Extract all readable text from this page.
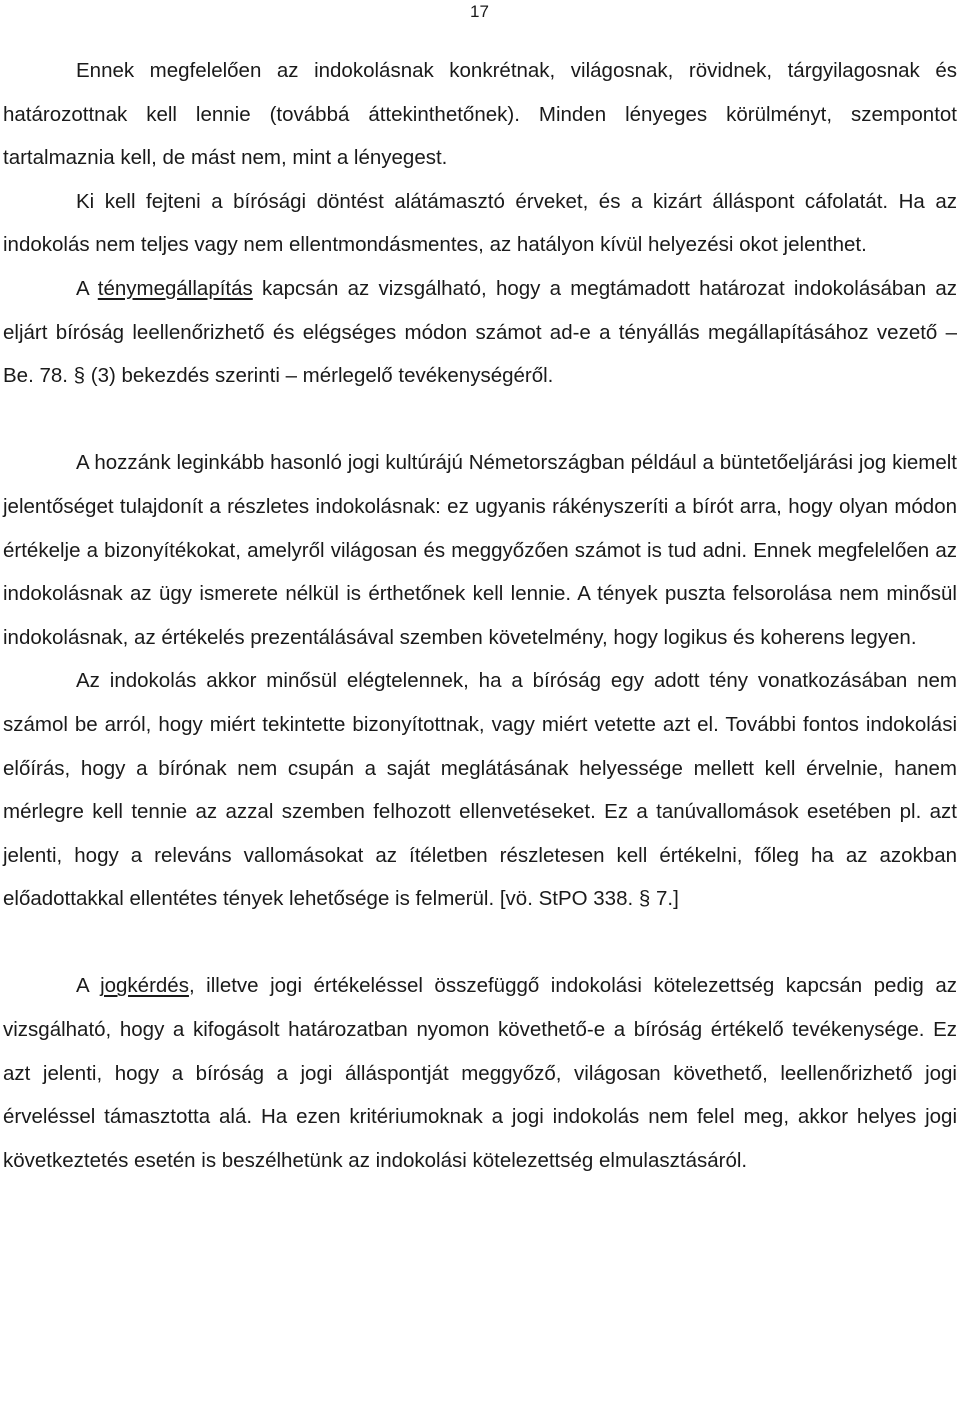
17

Ennek megfelelően az indokolásnak konkrétnak, világosnak, rövidnek, tárgyilagosnak és határozottnak kell lennie (továbbá áttekinthetőnek). Minden lényeges körülményt, szempontot tartalmaznia kell, de mást nem, mint a lényegest.

Ki kell fejteni a bírósági döntést alátámasztó érveket, és a kizárt álláspont cáfolatát. Ha az indokolás nem teljes vagy nem ellentmondásmentes, az hatályon kívül helyezési okot jelenthet.

A ténymegállapítás kapcsán az vizsgálható, hogy a megtámadott határozat indokolásában az eljárt bíróság leellenőrizhető és elégséges módon számot ad-e a tényállás megállapításához vezető – Be. 78. § (3) bekezdés szerinti – mérlegelő tevékenységéről.

A hozzánk leginkább hasonló jogi kultúrájú Németországban például a büntetőeljárási jog kiemelt jelentőséget tulajdonít a részletes indokolásnak: ez ugyanis rákényszeríti a bírót arra, hogy olyan módon értékelje a bizonyítékokat, amelyről világosan és meggyőzően számot is tud adni. Ennek megfelelően az indokolásnak az ügy ismerete nélkül is érthetőnek kell lennie. A tények puszta felsorolása nem minősül indokolásnak, az értékelés prezentálásával szemben követelmény, hogy logikus és koherens legyen.

Az indokolás akkor minősül elégtelennek, ha a bíróság egy adott tény vonatkozásában nem számol be arról, hogy miért tekintette bizonyítottnak, vagy miért vetette azt el. További fontos indokolási előírás, hogy a bírónak nem csupán a saját meglátásának helyessége mellett kell érvelnie, hanem mérlegre kell tennie az azzal szemben felhozott ellenvetéseket. Ez a tanúvallomások esetében pl. azt jelenti, hogy a releváns vallomásokat az ítéletben részletesen kell értékelni, főleg ha az azokban előadottakkal ellentétes tények lehetősége is felmerül. [vö. StPO 338. § 7.]

A jogkérdés, illetve jogi értékeléssel összefüggő indokolási kötelezettség kapcsán pedig az vizsgálható, hogy a kifogásolt határozatban nyomon követhető-e a bíróság értékelő tevékenysége. Ez azt jelenti, hogy a bíróság a jogi álláspontját meggyőző, világosan követhető, leellenőrizhető jogi érveléssel támasztotta alá. Ha ezen kritériumoknak a jogi indokolás nem felel meg, akkor helyes jogi következtetés esetén is beszélhetünk az indokolási kötelezettség elmulasztásáról.
